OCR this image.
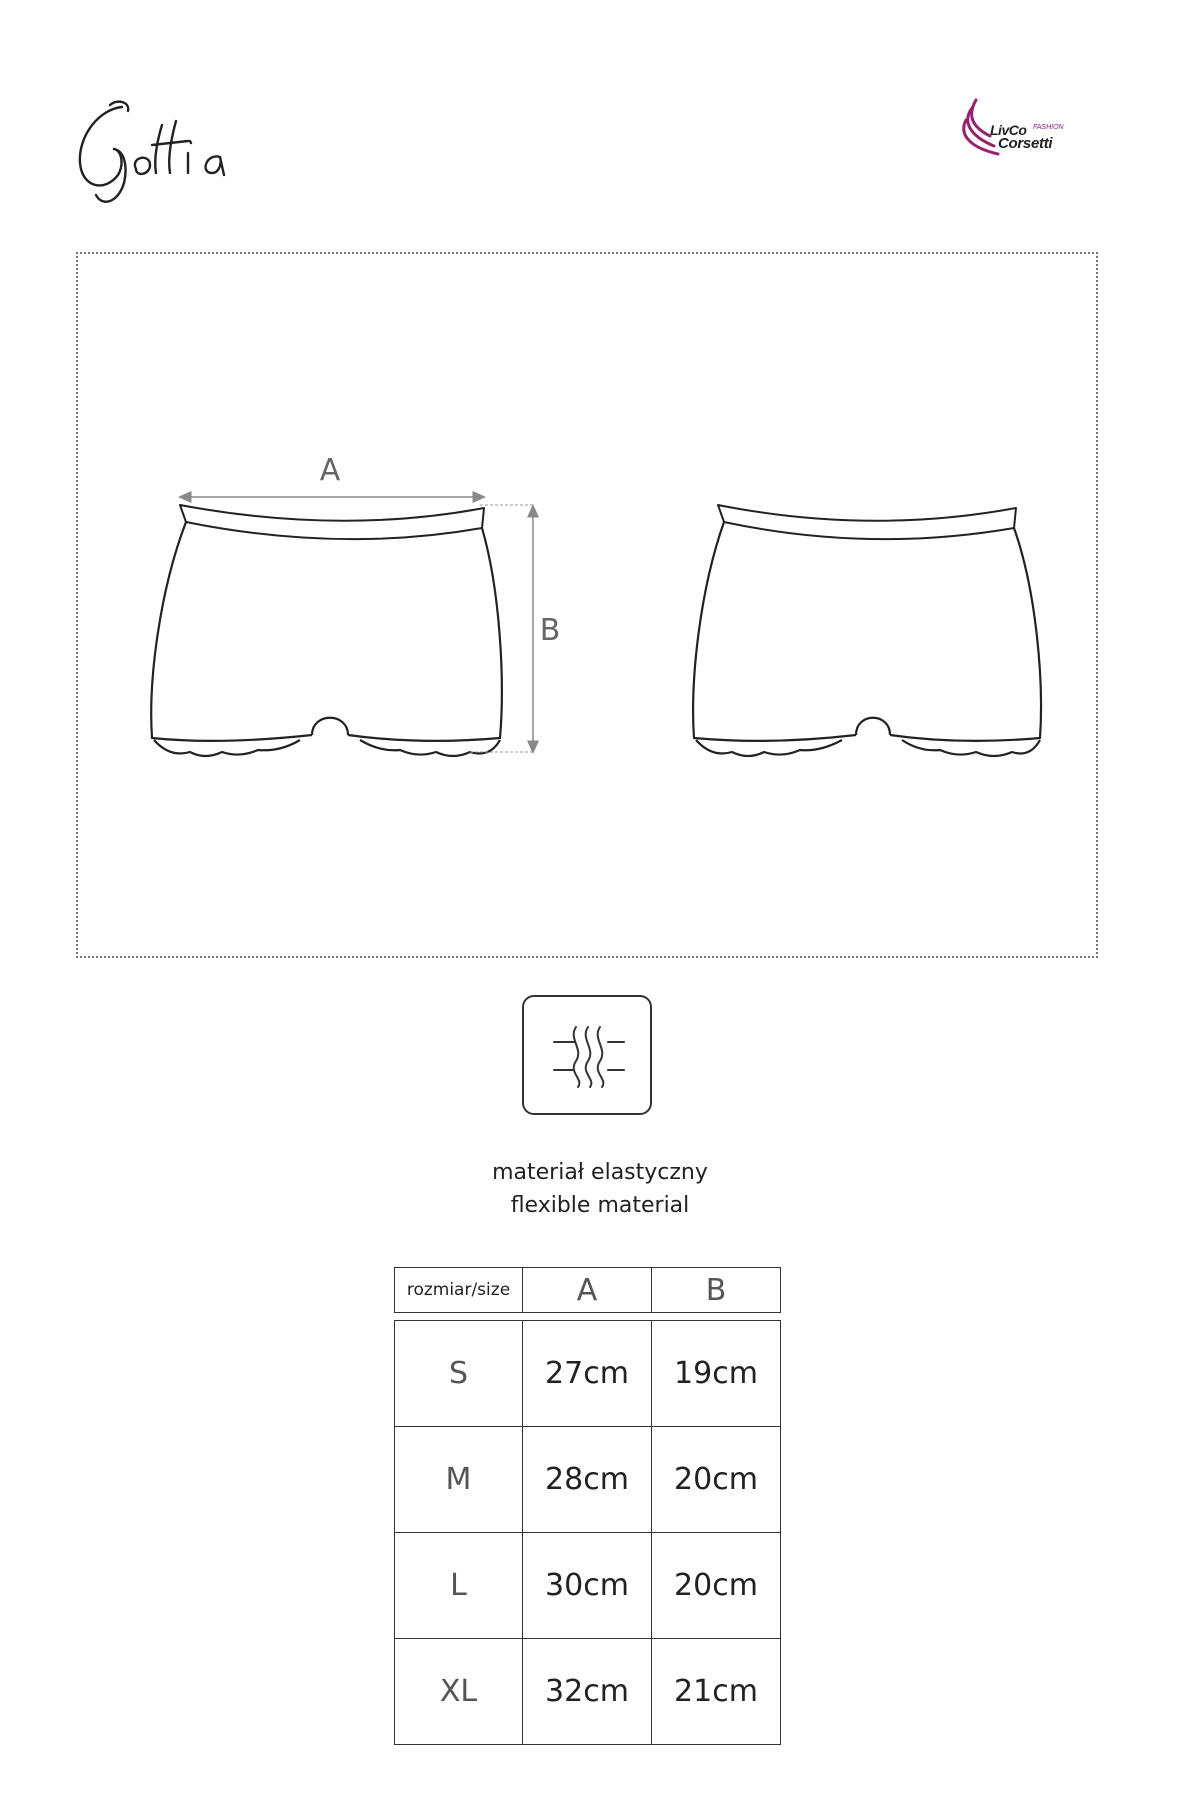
Gottia
LivCo FASHION
Corsetti
A
B
materiał elastyczny
flexible material
rozmiar/size	A	B
S	27cm	19cm
M	28cm	20cm
L	30cm	20cm
XL	32cm	21cm
